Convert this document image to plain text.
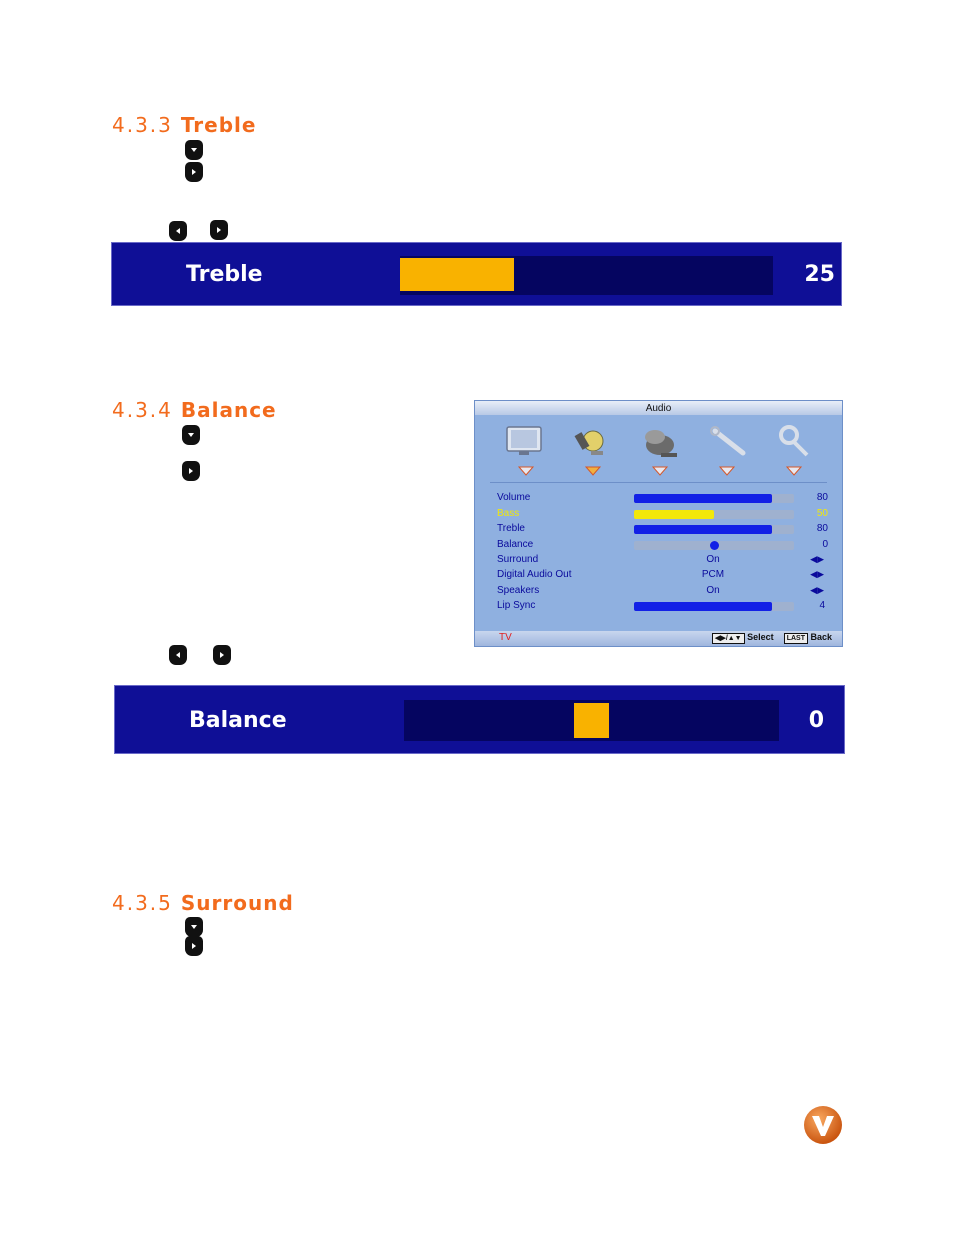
4.3.3 Treble
Treble	25
4.3.4 Balance	Audio
Volume	80
Bass	50
Treble	80
Balance	0
Surround	On	◀▶
Digital Audio Out	PCM	◀▶
Speakers	On	◀▶
Lip Sync	4
TV	◀▶/▲▼ Select LAST Back
Balance	0
4.3.5 Surround
